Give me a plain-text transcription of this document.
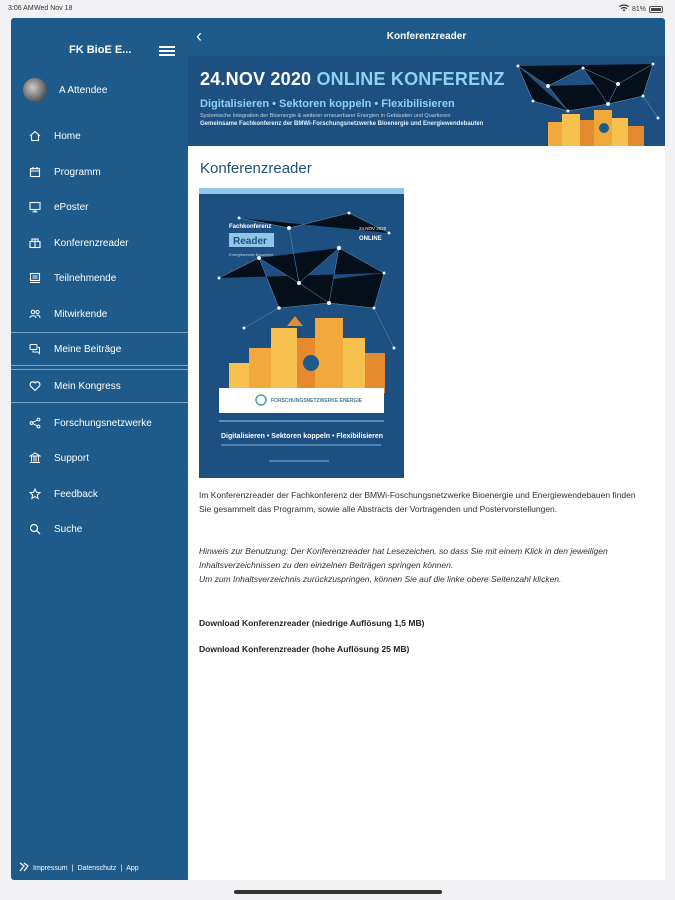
3:06 AM Wed Nov 18	81%
FK BioE E...
A Attendee
Home
Programm
ePoster
Konferenzreader
Teilnehmende
Mitwirkende
Meine Beiträge
Mein Kongress
Forschungsnetzwerke
Support
Feedback
Suche
Impressum | Datenschutz | App
‹	Konferenzreader
24.NOV 2020 ONLINE KONFERENZ
Digitalisieren • Sektoren koppeln • Flexibilisieren
Systemische Integration der Bioenergie & weiterer erneuerbarer Energien in Gebäuden und Quartieren
Gemeinsame Fachkonferenz der BMWi-Forschungsnetzwerke Bioenergie und Energiewendebauten
Konferenzreader
Fachkonferenz
Reader
Energiewende Bauwerke
24.NOV 2020
ONLINE
FORSCHUNGSNETZWERKE ENERGIE
Digitalisieren • Sektoren koppeln • Flexibilisieren
Im Konferenzreader der Fachkonferenz der BMWi-Foschungsnetzwerke Bioenergie und Energiewendebauen finden Sie gesammelt das Programm, sowie alle Abstracts der Vortragenden und Postervorstellungen.
Hinweis zur Benutzung: Der Konferenzreader hat Lesezeichen, so dass Sie mit einem Klick in den jeweiligen Inhaltsverzeichnissen zu den einzelnen Beiträgen springen können.
Um zum Inhaltsverzeichnis zurückzuspringen, können Sie auf die linke obere Seitenzahl klicken.
Download Konferenzreader (niedrige Auflösung 1,5 MB)
Download Konferenzreader (hohe Auflösung 25 MB)
